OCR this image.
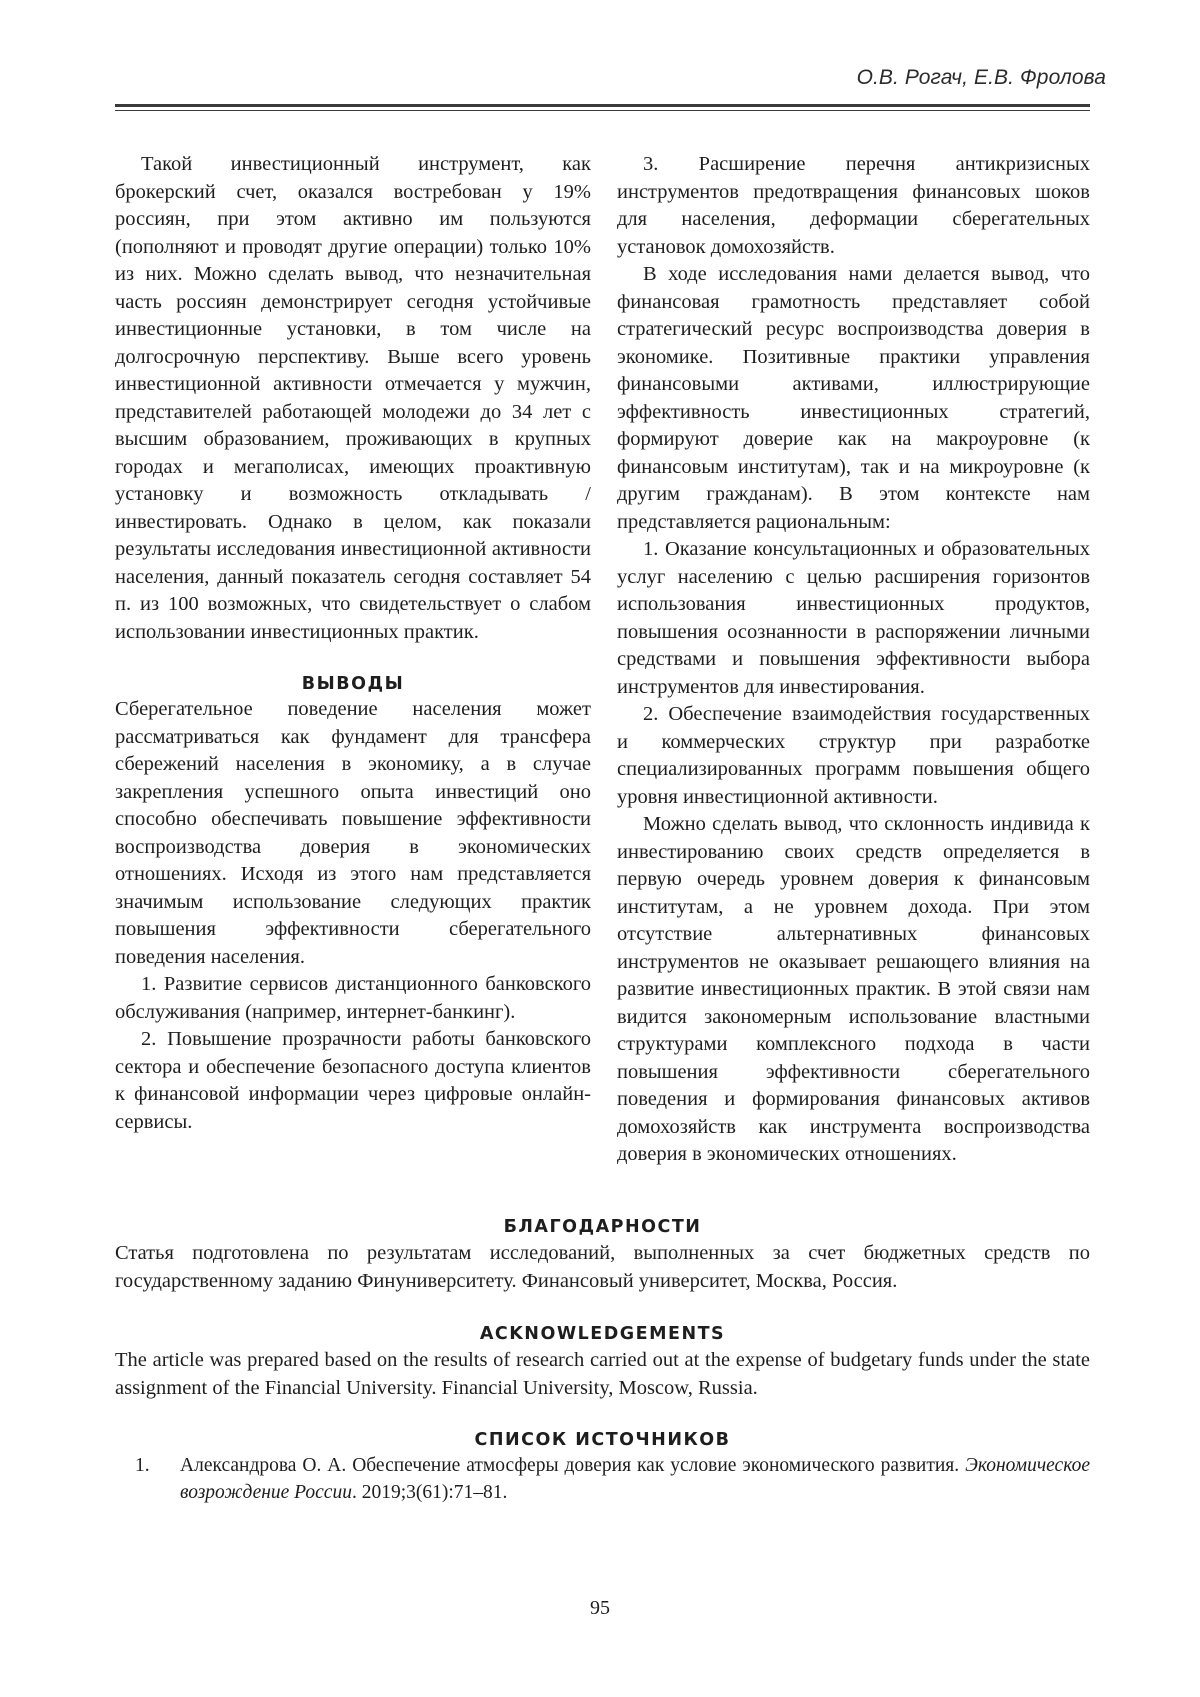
О.В. Рогач, Е.В. Фролова

Такой инвестиционный инструмент, как брокерский счет, оказался востребован у 19% россиян, при этом активно им пользуются (пополняют и проводят другие операции) только 10% из них. Можно сделать вывод, что незначительная часть россиян демонстрирует сегодня устойчивые инвестиционные установки, в том числе на долгосрочную перспективу. Выше всего уровень инвестиционной активности отмечается у мужчин, представителей работающей молодежи до 34 лет с высшим образованием, проживающих в крупных городах и мегаполисах, имеющих проактивную установку и возможность откладывать / инвестировать. Однако в целом, как показали результаты исследования инвестиционной активности населения, данный показатель сегодня составляет 54 п. из 100 возможных, что свидетельствует о слабом использовании инвестиционных практик.

ВЫВОДЫ

Сберегательное поведение населения может рассматриваться как фундамент для трансфера сбережений населения в экономику, а в случае закрепления успешного опыта инвестиций оно способно обеспечивать повышение эффективности воспроизводства доверия в экономических отношениях. Исходя из этого нам представляется значимым использование следующих практик повышения эффективности сберегательного поведения населения.

1. Развитие сервисов дистанционного банковского обслуживания (например, интернет-банкинг).

2. Повышение прозрачности работы банковского сектора и обеспечение безопасного доступа клиентов к финансовой информации через цифровые онлайн-сервисы.

3. Расширение перечня антикризисных инструментов предотвращения финансовых шоков для населения, деформации сберегательных установок домохозяйств.

В ходе исследования нами делается вывод, что финансовая грамотность представляет собой стратегический ресурс воспроизводства доверия в экономике. Позитивные практики управления финансовыми активами, иллюстрирующие эффективность инвестиционных стратегий, формируют доверие как на макроуровне (к финансовым институтам), так и на микроуровне (к другим гражданам). В этом контексте нам представляется рациональным:

1. Оказание консультационных и образовательных услуг населению с целью расширения горизонтов использования инвестиционных продуктов, повышения осознанности в распоряжении личными средствами и повышения эффективности выбора инструментов для инвестирования.

2. Обеспечение взаимодействия государственных и коммерческих структур при разработке специализированных программ повышения общего уровня инвестиционной активности.

Можно сделать вывод, что склонность индивида к инвестированию своих средств определяется в первую очередь уровнем доверия к финансовым институтам, а не уровнем дохода. При этом отсутствие альтернативных финансовых инструментов не оказывает решающего влияния на развитие инвестиционных практик. В этой связи нам видится закономерным использование властными структурами комплексного подхода в части повышения эффективности сберегательного поведения и формирования финансовых активов домохозяйств как инструмента воспроизводства доверия в экономических отношениях.

БЛАГОДАРНОСТИ
Статья подготовлена по результатам исследований, выполненных за счет бюджетных средств по государственному заданию Финуниверситету. Финансовый университет, Москва, Россия.
ACKNOWLEDGEMENTS
The article was prepared based on the results of research carried out at the expense of budgetary funds under the state assignment of the Financial University. Financial University, Moscow, Russia.
СПИСОК ИСТОЧНИКОВ
1. Александрова О. А. Обеспечение атмосферы доверия как условие экономического развития. Экономическое возрождение России. 2019;3(61):71–81.
95
